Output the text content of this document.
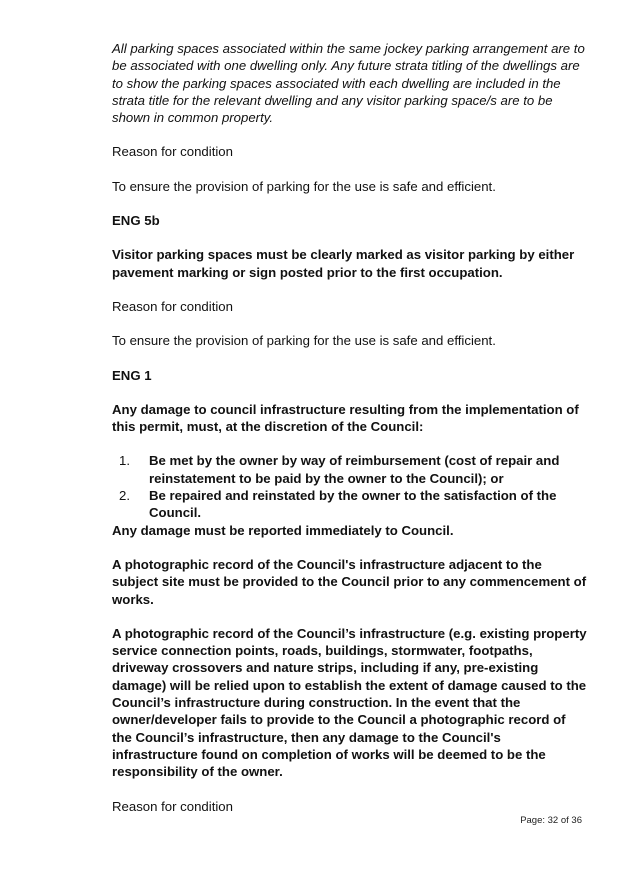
All parking spaces associated within the same jockey parking arrangement are to be associated with one dwelling only. Any future strata titling of the dwellings are to show the parking spaces associated with each dwelling are included in the strata title for the relevant dwelling and any visitor parking space/s are to be shown in common property.

Reason for condition

To ensure the provision of parking for the use is safe and efficient.

ENG 5b

Visitor parking spaces must be clearly marked as visitor parking by either pavement marking or sign posted prior to the first occupation.

Reason for condition

To ensure the provision of parking for the use is safe and efficient.

ENG 1

Any damage to council infrastructure resulting from the implementation of this permit, must, at the discretion of the Council:

1.	Be met by the owner by way of reimbursement (cost of repair and reinstatement to be paid by the owner to the Council); or
2.	Be repaired and reinstated by the owner to the satisfaction of the Council.

Any damage must be reported immediately to Council.

A photographic record of the Council's infrastructure adjacent to the subject site must be provided to the Council prior to any commencement of works.

A photographic record of the Council’s infrastructure (e.g. existing property service connection points, roads, buildings, stormwater, footpaths, driveway crossovers and nature strips, including if any, pre-existing damage) will be relied upon to establish the extent of damage caused to the Council’s infrastructure during construction. In the event that the owner/developer fails to provide to the Council a photographic record of the Council’s infrastructure, then any damage to the Council's infrastructure found on completion of works will be deemed to be the responsibility of the owner.

Reason for condition

Page: 32 of 36
